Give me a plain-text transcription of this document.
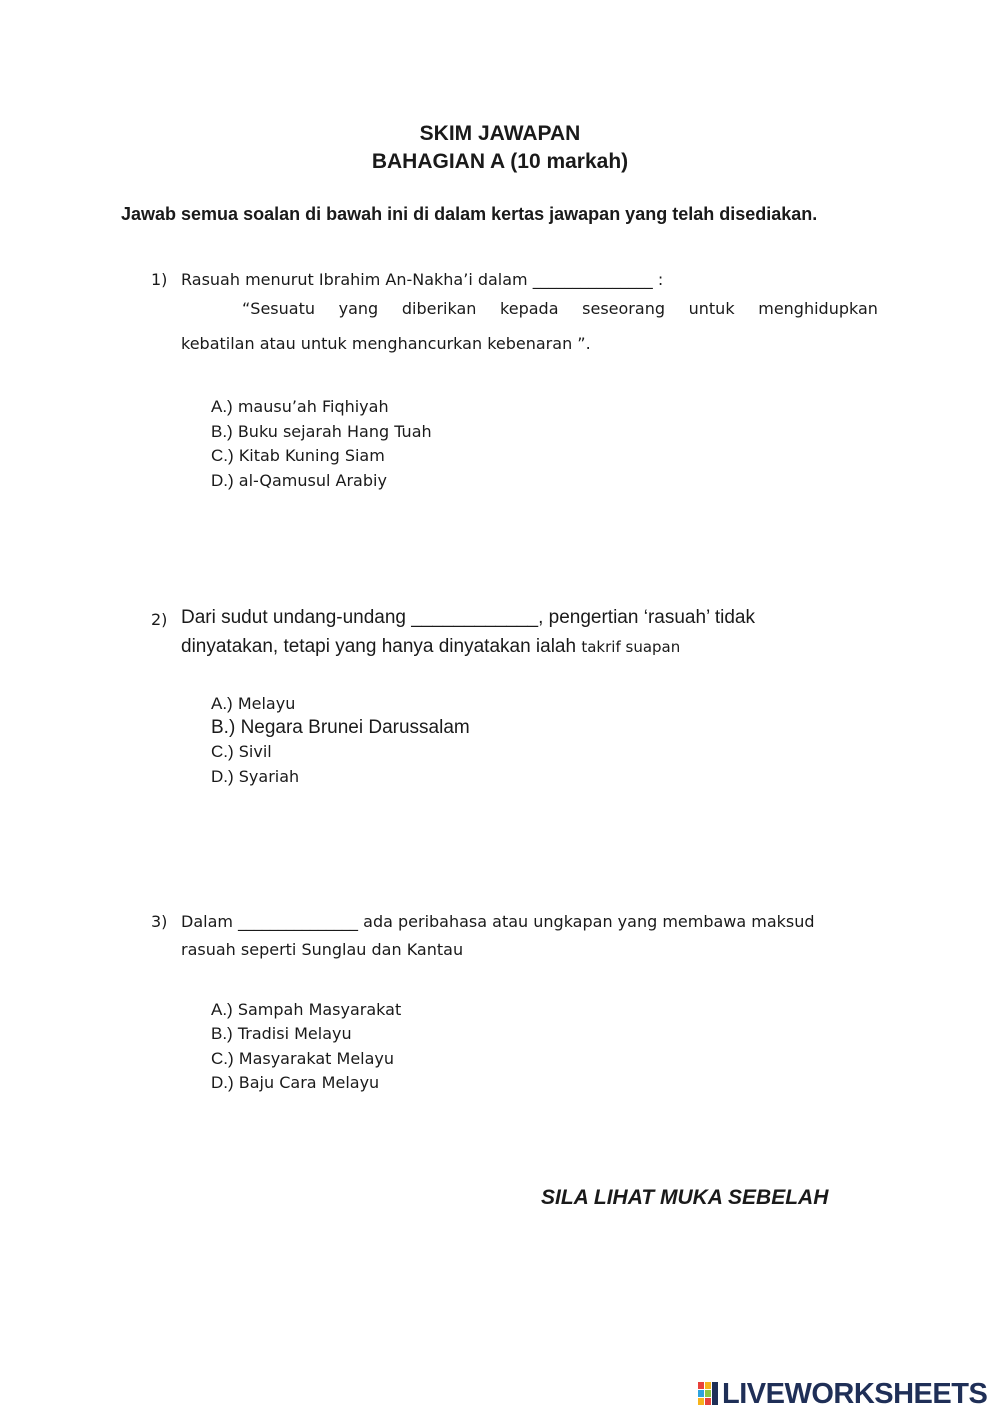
SKIM JAWAPAN
BAHAGIAN A (10 markah)
Jawab semua soalan di bawah ini di dalam kertas jawapan yang telah disediakan.
1) Rasuah menurut Ibrahim An-Nakha’i dalam _______________ :
“Sesuatu yang diberikan kepada seseorang untuk menghidupkan
kebatilan atau untuk menghancurkan kebenaran ”.
A.) mausu’ah Fiqhiyah
B.) Buku sejarah Hang Tuah
C.) Kitab Kuning Siam
D.) al-Qamusul Arabiy
2) Dari sudut undang-undang ____________, pengertian ‘rasuah’ tidak
dinyatakan, tetapi yang hanya dinyatakan ialah takrif suapan
A.) Melayu
B.) Negara Brunei Darussalam
C.) Sivil
D.) Syariah
3) Dalam _______________ ada peribahasa atau ungkapan yang membawa maksud
rasuah seperti Sunglau dan Kantau
A.) Sampah Masyarakat
B.) Tradisi Melayu
C.) Masyarakat Melayu
D.) Baju Cara Melayu
SILA LIHAT MUKA SEBELAH
LIVEWORKSHEETS
